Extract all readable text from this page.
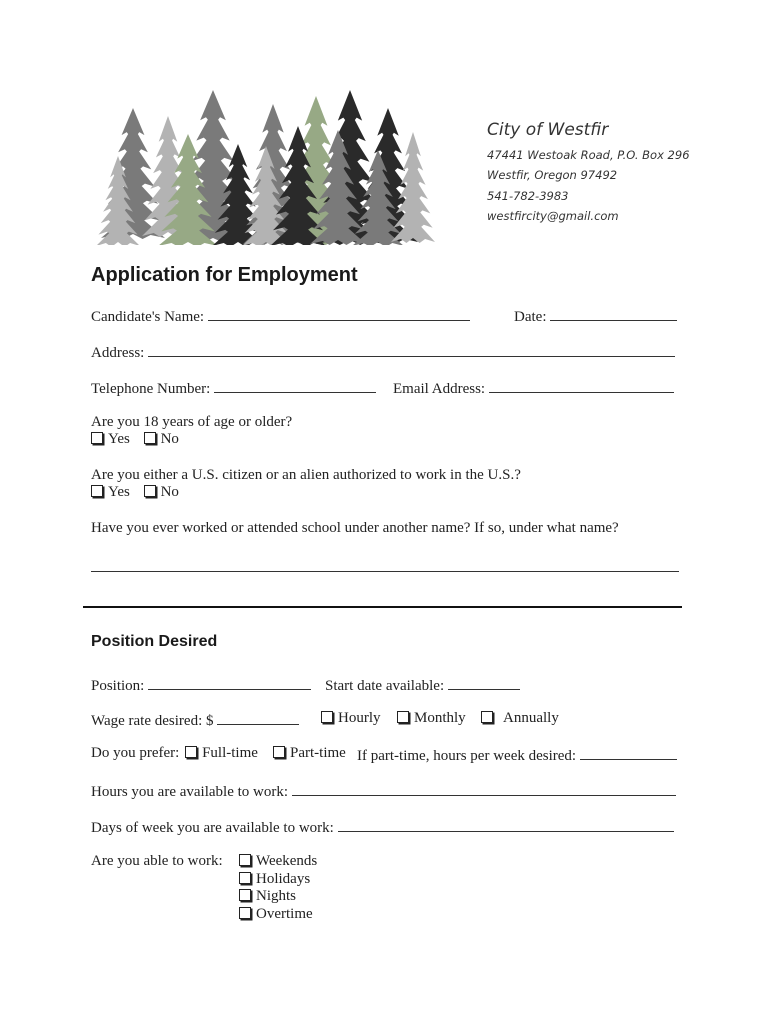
City of Westfir
47441 Westoak Road, P.O. Box 296
Westfir, Oregon 97492
541-782-3983
westfircity@gmail.com
Application for Employment
Candidate's Name:	Date:
Address:
Telephone Number:	Email Address:
Are you 18 years of age or older?
Yes No
Are you either a U.S. citizen or an alien authorized to work in the U.S.?
Yes No
Have you ever worked or attended school under another name? If so, under what name?
Position Desired
Position:	Start date available:
Wage rate desired: $	Hourly	Monthly	Annually
Do you prefer: Full-time	Part-time If part-time, hours per week desired:
Hours you are available to work:
Days of week you are available to work:
Are you able to work:	Weekends
Holidays
Nights
Overtime
